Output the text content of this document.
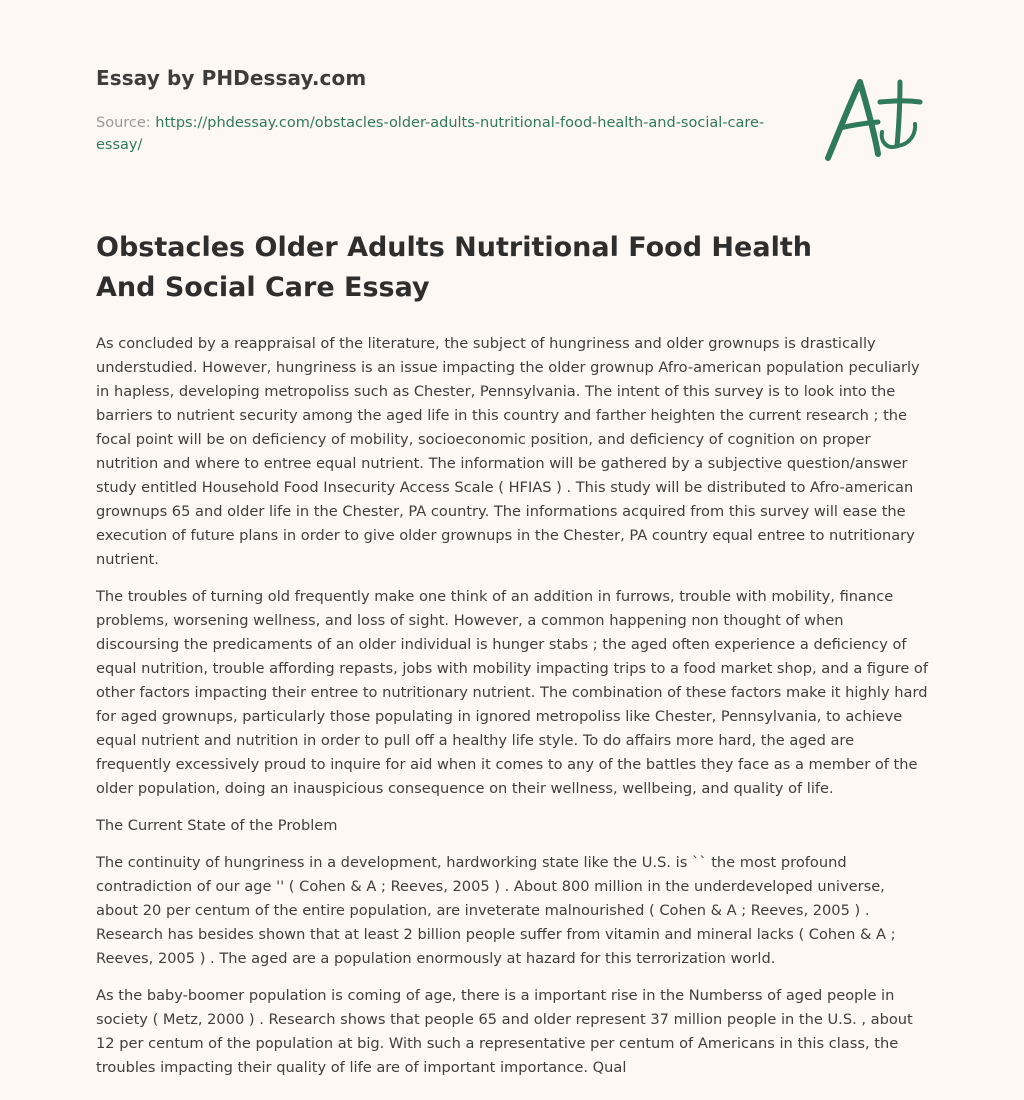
Essay by PHDessay.com
Source: https://phdessay.com/obstacles-older-adults-nutritional-food-health-and-social-care-essay/
Obstacles Older Adults Nutritional Food Health And Social Care Essay

As concluded by a reappraisal of the literature, the subject of hungriness and older grownups is drastically understudied. However, hungriness is an issue impacting the older grownup Afro-american population peculiarly in hapless, developing metropoliss such as Chester, Pennsylvania. The intent of this survey is to look into the barriers to nutrient security among the aged life in this country and farther heighten the current research ; the focal point will be on deficiency of mobility, socioeconomic position, and deficiency of cognition on proper nutrition and where to entree equal nutrient. The information will be gathered by a subjective question/answer study entitled Household Food Insecurity Access Scale ( HFIAS ) . This study will be distributed to Afro-american grownups 65 and older life in the Chester, PA country. The informations acquired from this survey will ease the execution of future plans in order to give older grownups in the Chester, PA country equal entree to nutritionary nutrient.

The troubles of turning old frequently make one think of an addition in furrows, trouble with mobility, finance problems, worsening wellness, and loss of sight. However, a common happening non thought of when discoursing the predicaments of an older individual is hunger stabs ; the aged often experience a deficiency of equal nutrition, trouble affording repasts, jobs with mobility impacting trips to a food market shop, and a figure of other factors impacting their entree to nutritionary nutrient. The combination of these factors make it highly hard for aged grownups, particularly those populating in ignored metropoliss like Chester, Pennsylvania, to achieve equal nutrient and nutrition in order to pull off a healthy life style. To do affairs more hard, the aged are frequently excessively proud to inquire for aid when it comes to any of the battles they face as a member of the older population, doing an inauspicious consequence on their wellness, wellbeing, and quality of life.

The Current State of the Problem

The continuity of hungriness in a development, hardworking state like the U.S. is `` the most profound contradiction of our age '' ( Cohen & A ; Reeves, 2005 ) . About 800 million in the underdeveloped universe, about 20 per centum of the entire population, are inveterate malnourished ( Cohen & A ; Reeves, 2005 ) . Research has besides shown that at least 2 billion people suffer from vitamin and mineral lacks ( Cohen & A ; Reeves, 2005 ) . The aged are a population enormously at hazard for this terrorization world.

As the baby-boomer population is coming of age, there is a important rise in the Numberss of aged people in society ( Metz, 2000 ) . Research shows that people 65 and older represent 37 million people in the U.S. , about 12 per centum of the population at big. With such a representative per centum of Americans in this class, the troubles impacting their quality of life are of important importance. Qual
